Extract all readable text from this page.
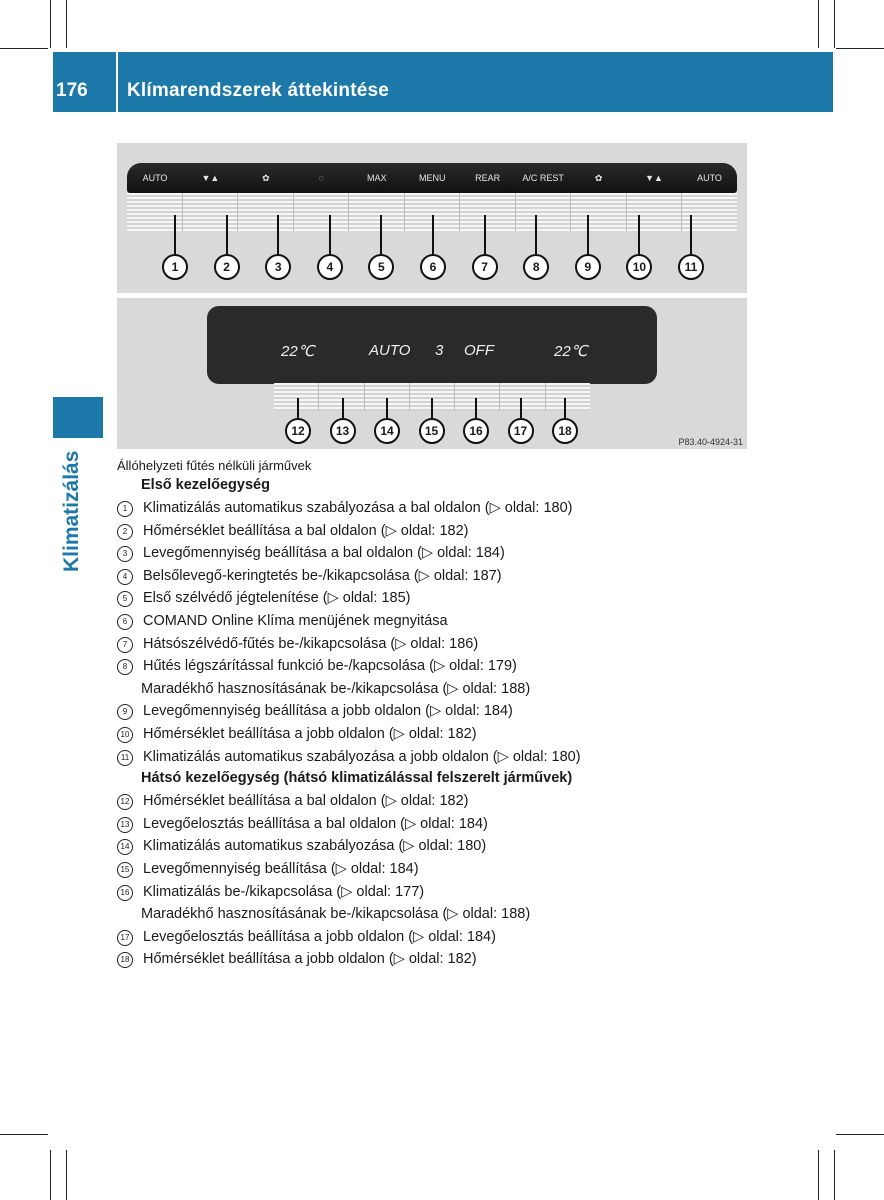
176 Klímarendszerek áttekintése
Klimatizálás
AUTO	▼▲	✿	◌	MAX	MENU	REAR	A/C REST	✿	▼▲	AUTO
1	2	3	4	5	6	7	8	9	10	11
22℃	AUTO 3 OFF	22℃
12	13	14	15	16	17	18
P83.40-4924-31
Állóhelyzeti fűtés nélküli járművek
Első kezelőegység
1	Klimatizálás automatikus szabályozása a bal oldalon (▷ oldal: 180)
2	Hőmérséklet beállítása a bal oldalon (▷ oldal: 182)
3	Levegőmennyiség beállítása a bal oldalon (▷ oldal: 184)
4	Belsőlevegő-keringtetés be-/kikapcsolása (▷ oldal: 187)
5	Első szélvédő jégtelenítése (▷ oldal: 185)
6	COMAND Online Klíma menüjének megnyitása
7	Hátsószélvédő-fűtés be-/kikapcsolása (▷ oldal: 186)
8	Hűtés légszárítással funkció be-/kapcsolása (▷ oldal: 179)
Maradékhő hasznosításának be-/kikapcsolása (▷ oldal: 188)
9	Levegőmennyiség beállítása a jobb oldalon (▷ oldal: 184)
10 Hőmérséklet beállítása a jobb oldalon (▷ oldal: 182)
11 Klimatizálás automatikus szabályozása a jobb oldalon (▷ oldal: 180)
Hátsó kezelőegység (hátsó klimatizálással felszerelt járművek)
12 Hőmérséklet beállítása a bal oldalon (▷ oldal: 182)
13 Levegőelosztás beállítása a bal oldalon (▷ oldal: 184)
14 Klimatizálás automatikus szabályozása (▷ oldal: 180)
15 Levegőmennyiség beállítása (▷ oldal: 184)
16 Klimatizálás be-/kikapcsolása (▷ oldal: 177)
Maradékhő hasznosításának be-/kikapcsolása (▷ oldal: 188)
17 Levegőelosztás beállítása a jobb oldalon (▷ oldal: 184)
18 Hőmérséklet beállítása a jobb oldalon (▷ oldal: 182)
